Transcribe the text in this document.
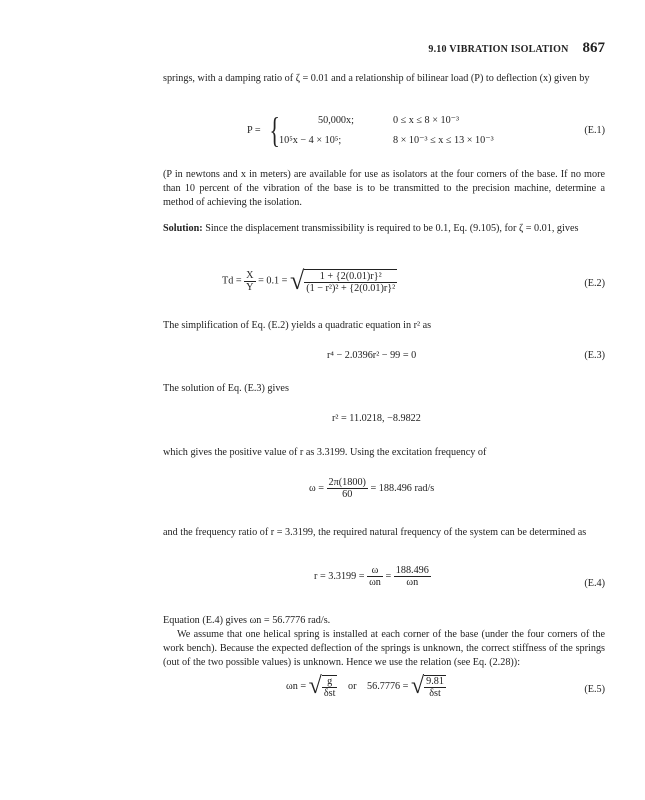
9.10 VIBRATION ISOLATION 867
springs, with a damping ratio of ζ = 0.01 and a relationship of bilinear load (P) to deflection (x) given by
P = {	50,000x;	0 ≤ x ≤ 8 × 10⁻³
10⁵x − 4 × 10⁵;	8 × 10⁻³ ≤ x ≤ 13 × 10⁻³
(E.1)
(P in newtons and x in meters) are available for use as isolators at the four corners of the base. If no more than 10 percent of the vibration of the base is to be transmitted to the precision machine, determine a method of achieving the isolation.
Solution: Since the displacement transmissibility is required to be 0.1, Eq. (9.105), for ζ = 0.01, gives
$Td = \frac{X}{Y} = 0.1$ = √ $\frac{\text{1 + \{2(0.01)r\}²}}{\text{(1 − r²)² + \{2(0.01)r\}²}}$	(E.2)
The simplification of Eq. (E.2) yields a quadratic equation in r² as
r⁴ − 2.0396r² − 99 = 0	(E.3)
The solution of Eq. (E.3) gives
r² = 11.0218, −8.9822
which gives the positive value of r as 3.3199. Using the excitation frequency of
$\omega = \frac{2\pi(1800)}{60} = 188.496$ rad/s
and the frequency ratio of r = 3.3199, the required natural frequency of the system can be determined as
$r = 3.3199 = \frac{\omega}{\omega n} = \frac{188.496}{\omega n}$	(E.4)
Equation (E.4) gives ωn = 56.7776 rad/s.
We assume that one helical spring is installed at each corner of the base (under the four corners of the work bench). Because the expected deflection of the springs is unknown, the correct stiffness of the springs (out of the two possible values) is unknown. Hence we use the relation (see Eq. (2.28)):
ωn = √ $\frac{g}{\text{δst}}$ or 56.7776 = √ $\frac{9.81}{\text{δst}}$	(E.5)
